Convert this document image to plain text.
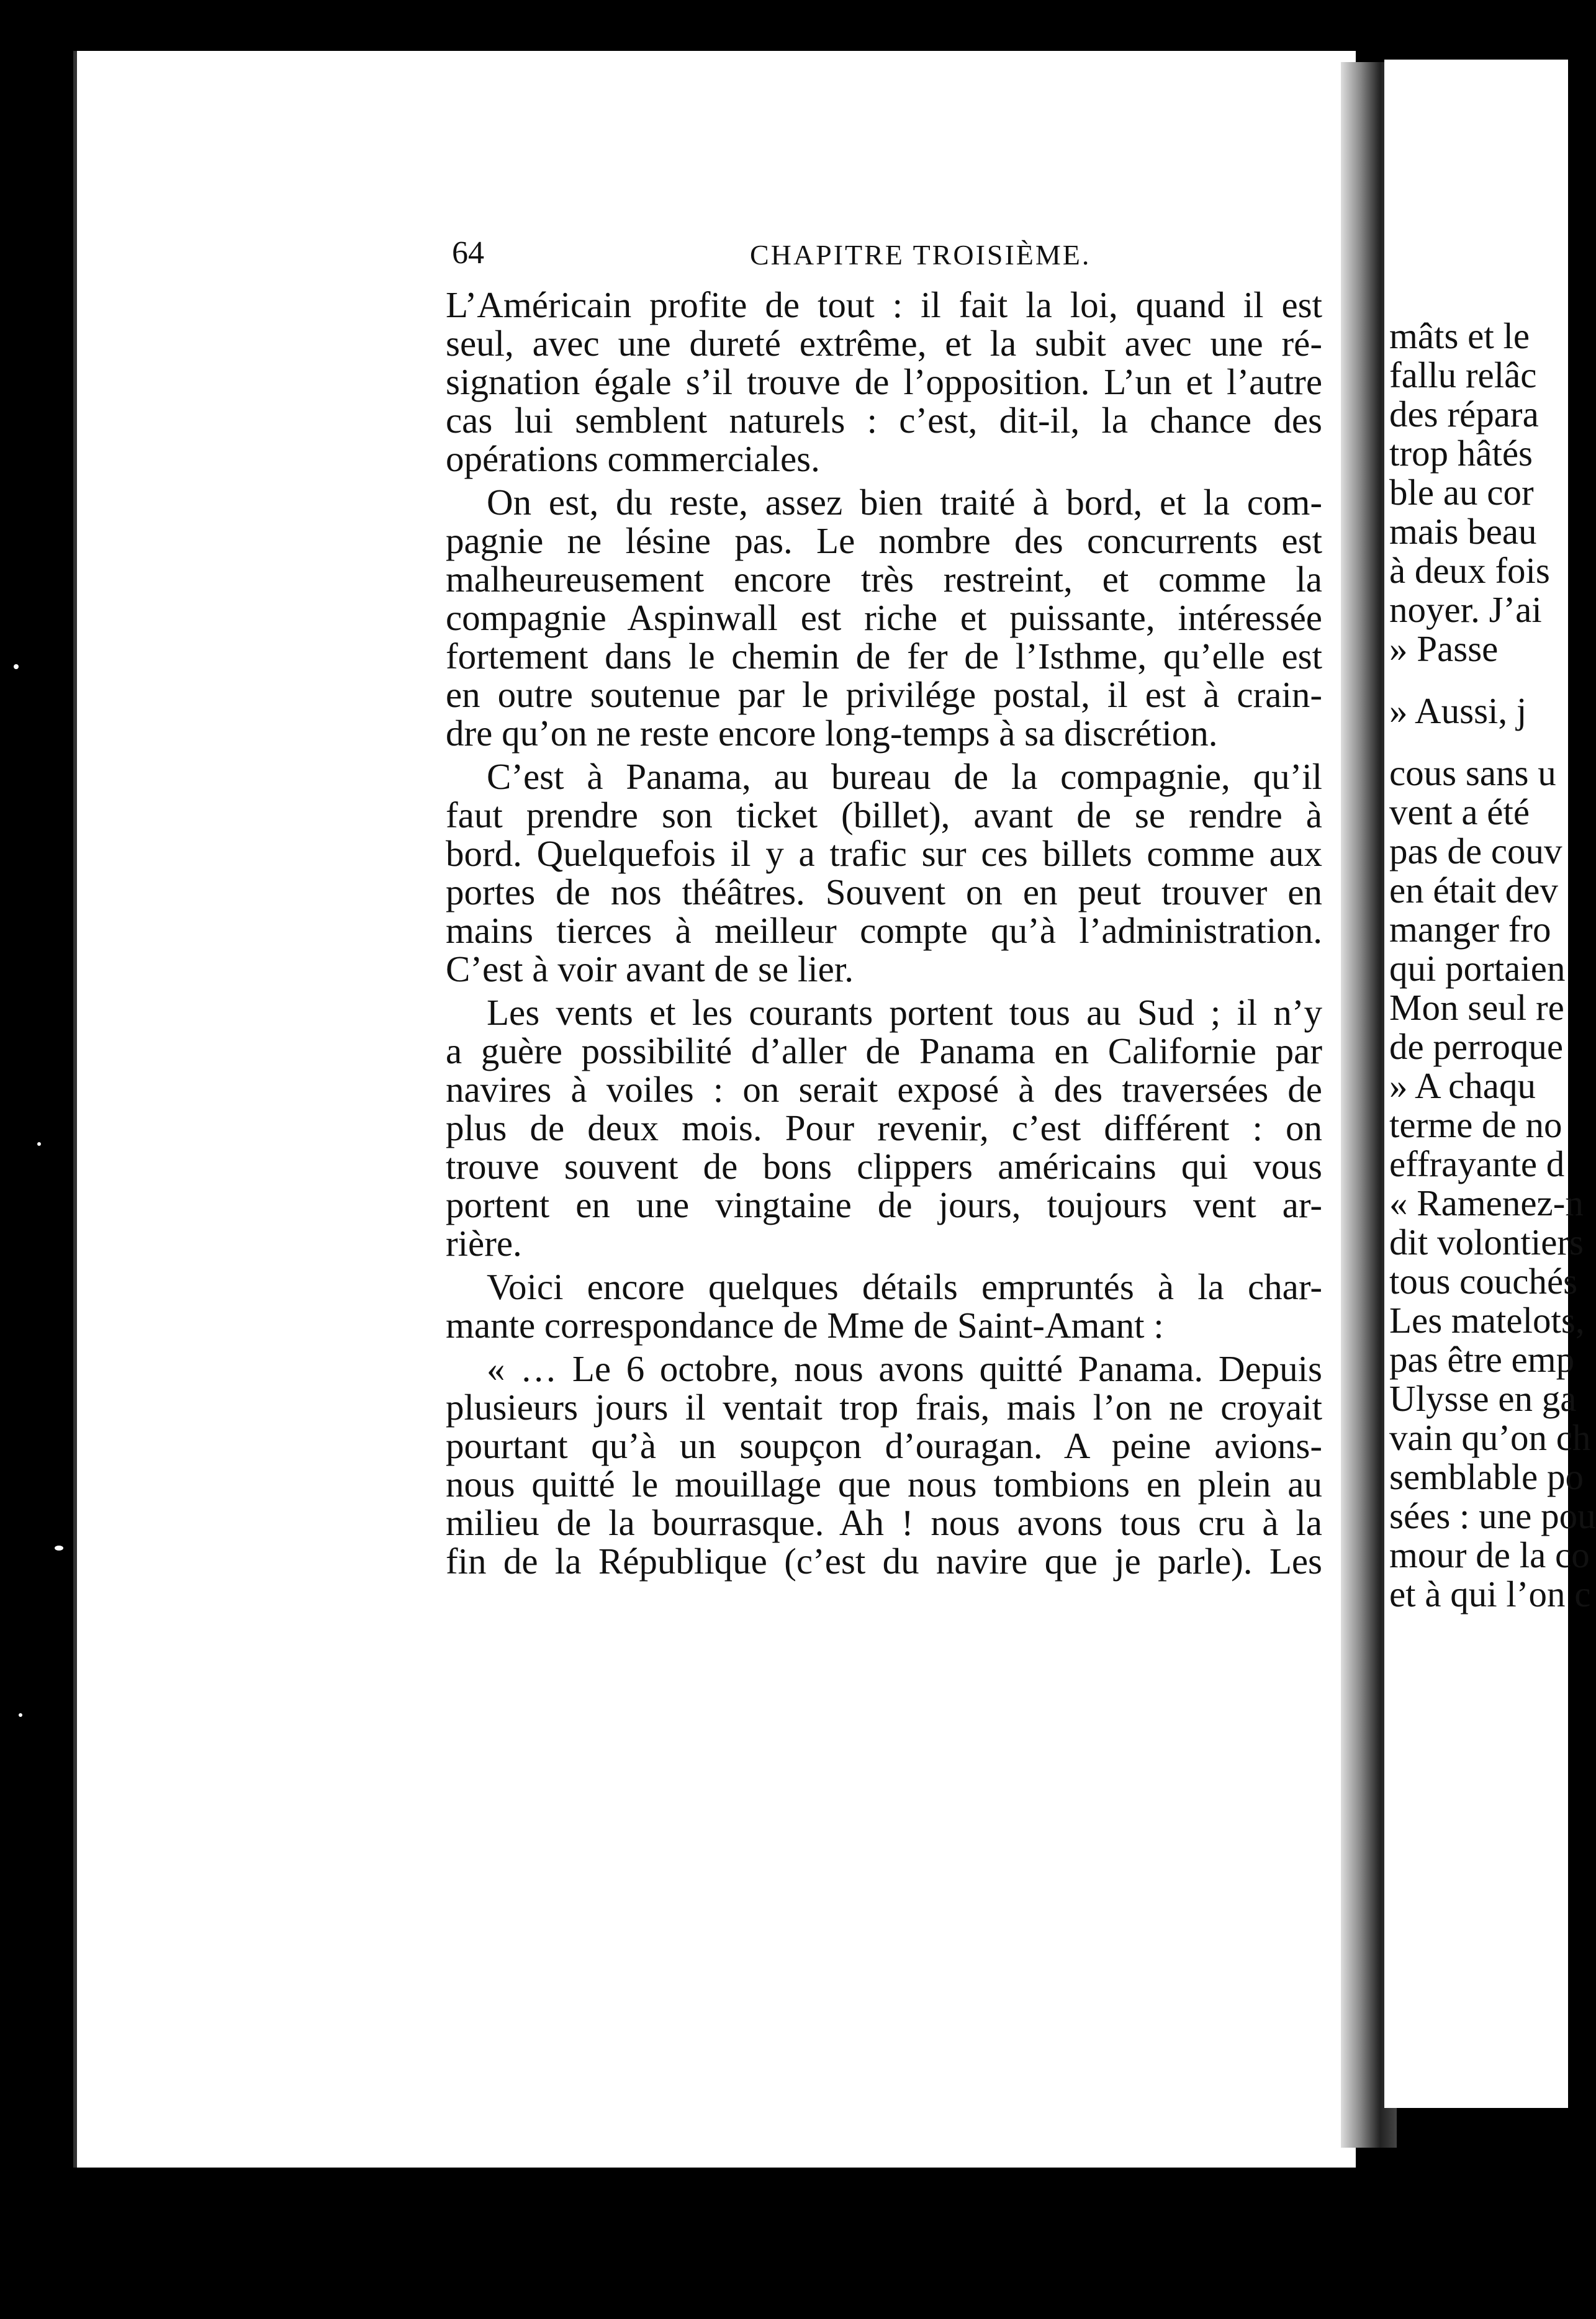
64	CHAPITRE TROISIÈME.

L’Américain profite de tout : il fait la loi, quand il est
seul, avec une dureté extrême, et la subit avec une ré-
signation égale s’il trouve de l’opposition. L’un et l’autre
cas lui semblent naturels : c’est, dit-il, la chance des
opérations commerciales.

On est, du reste, assez bien traité à bord, et la com-
pagnie ne lésine pas. Le nombre des concurrents est
malheureusement encore très restreint, et comme la
compagnie Aspinwall est riche et puissante, intéressée
fortement dans le chemin de fer de l’Isthme, qu’elle est
en outre soutenue par le privilége postal, il est à crain-
dre qu’on ne reste encore long-temps à sa discrétion.

C’est à Panama, au bureau de la compagnie, qu’il
faut prendre son ticket (billet), avant de se rendre à
bord. Quelquefois il y a trafic sur ces billets comme aux
portes de nos théâtres. Souvent on en peut trouver en
mains tierces à meilleur compte qu’à l’administration.
C’est à voir avant de se lier.

Les vents et les courants portent tous au Sud ; il n’y
a guère possibilité d’aller de Panama en Californie par
navires à voiles : on serait exposé à des traversées de
plus de deux mois. Pour revenir, c’est différent : on
trouve souvent de bons clippers américains qui vous
portent en une vingtaine de jours, toujours vent ar-
rière.

Voici encore quelques détails empruntés à la char-
mante correspondance de Mme de Saint-Amant :

« … Le 6 octobre, nous avons quitté Panama. Depuis
plusieurs jours il ventait trop frais, mais l’on ne croyait
pourtant qu’à un soupçon d’ouragan. A peine avions-
nous quitté le mouillage que nous tombions en plein au
milieu de la bourrasque. Ah ! nous avons tous cru à la
fin de la République (c’est du navire que je parle). Les

mâts et le
fallu relâc
des répara
trop hâtés
ble au cor
mais beau
à deux fois
noyer. J’ai
» Passe
» Aussi, j
cous sans u
vent a été
pas de couv
en était dev
manger fro
qui portaien
Mon seul re
de perroque
» A chaqu
terme de no
effrayante d
« Ramenez-n
dit volontiers
tous couchés
Les matelots,
pas être emp
Ulysse en ga
vain qu’on ch
semblable po
sées : une pou
mour de la co
et à qui l’on c
